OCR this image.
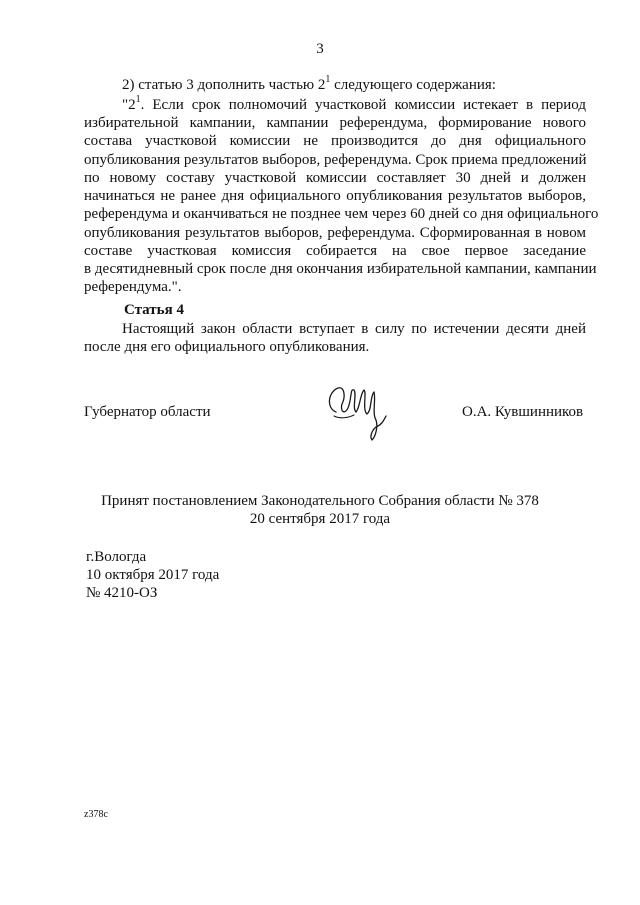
3

2) статью 3 дополнить частью $2^1$ следующего содержания:

"$2^1$. Если срок полномочий участковой комиссии истекает в период

избирательной кампании, кампании референдума, формирование нового

состава участковой комиссии не производится до дня официального

опубликования результатов выборов, референдума. Срок приема предложений

по новому составу участковой комиссии составляет 30 дней и должен

начинаться не ранее дня официального опубликования результатов выборов,

референдума и оканчиваться не позднее чем через 60 дней со дня официального

опубликования результатов выборов, референдума. Сформированная в новом

составе участковая комиссия собирается на свое первое заседание

в десятидневный срок после дня окончания избирательной кампании, кампании

референдума.".

Статья 4

Настоящий закон области вступает в силу по истечении десяти дней

после дня его официального опубликования.

Губернатор области	О.А. Кувшинников

Принят постановлением Законодательного Собрания области № 378

20 сентября 2017 года

г.Вологда

10 октября 2017 года

№ 4210-ОЗ

z378c
